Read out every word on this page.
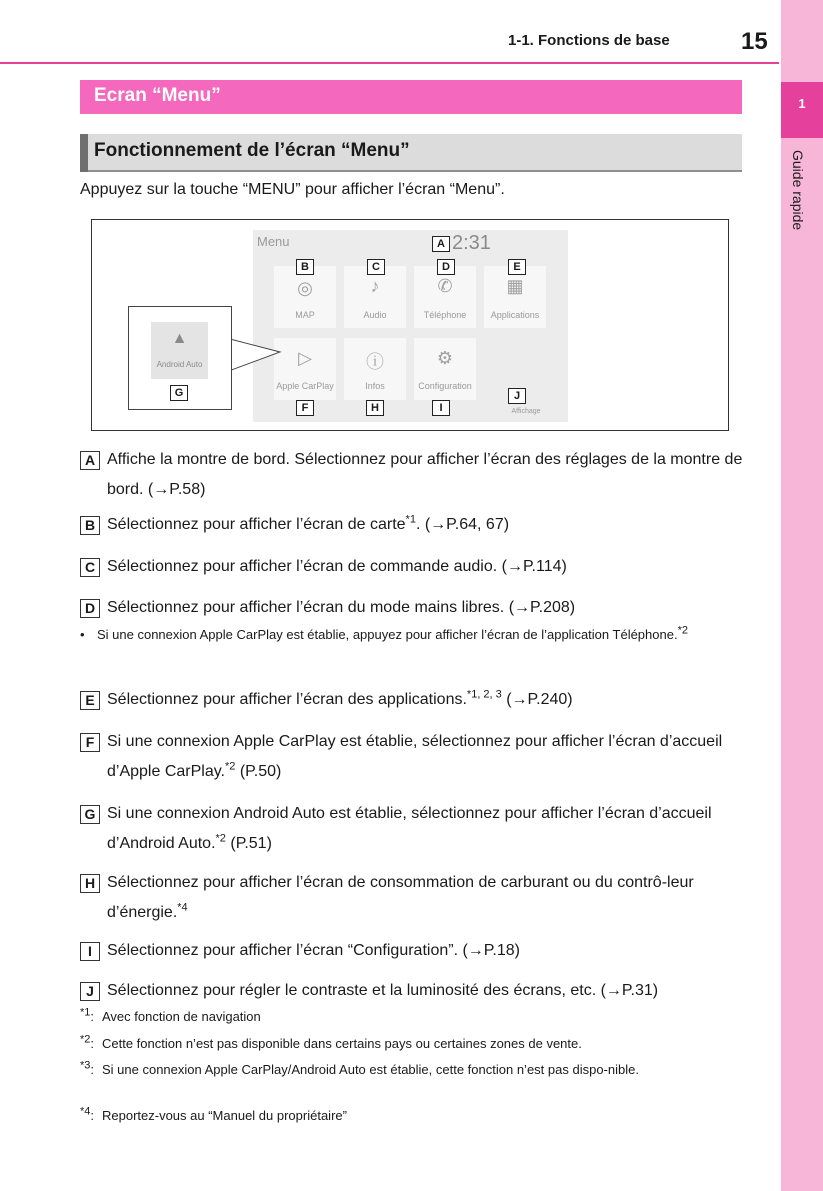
1-1. Fonctions de base	15
1
Guide rapide
Ecran “Menu”
Fonctionnement de l’écran “Menu”
Appuyez sur la touche “MENU” pour afficher l’écran “Menu”.
Menu	2:31
◎
MAP
♪
Audio
✆
Téléphone
▦
Applications
▷
Apple CarPlay
ⓘ
Infos
⚙
Configuration
Affichage
▲
Android Auto
A
B	C	D	E
F
G
H	I
J
A Affiche la montre de bord. Sélectionnez pour afficher l’écran des réglages de la montre de bord. (→P.58)
B Sélectionnez pour afficher l’écran de carte$^{*1}$. (→P.64, 67)
C Sélectionnez pour afficher l’écran de commande audio. (→P.114)
D Sélectionnez pour afficher l’écran du mode mains libres. (→P.208)
• Si une connexion Apple CarPlay est établie, appuyez pour afficher l’écran de l’application Téléphone.$^{*2}$
E Sélectionnez pour afficher l’écran des applications.$^{*1, 2, 3}$ (→P.240)
F Si une connexion Apple CarPlay est établie, sélectionnez pour afficher l’écran d’accueil d’Apple CarPlay.$^{*2}$ (P.50)
G Si une connexion Android Auto est établie, sélectionnez pour afficher l’écran d’accueil d’Android Auto.$^{*2}$ (P.51)
H Sélectionnez pour afficher l’écran de consommation de carburant ou du contrô-leur d’énergie.$^{*4}$
I Sélectionnez pour afficher l’écran “Configuration”. (→P.18)
J Sélectionnez pour régler le contraste et la luminosité des écrans, etc. (→P.31)
$^{*1}$: Avec fonction de navigation
$^{*2}$: Cette fonction n’est pas disponible dans certains pays ou certaines zones de vente.
$^{*3}$: Si une connexion Apple CarPlay/Android Auto est établie, cette fonction n’est pas dispo-nible.
$^{*4}$: Reportez-vous au “Manuel du propriétaire”
